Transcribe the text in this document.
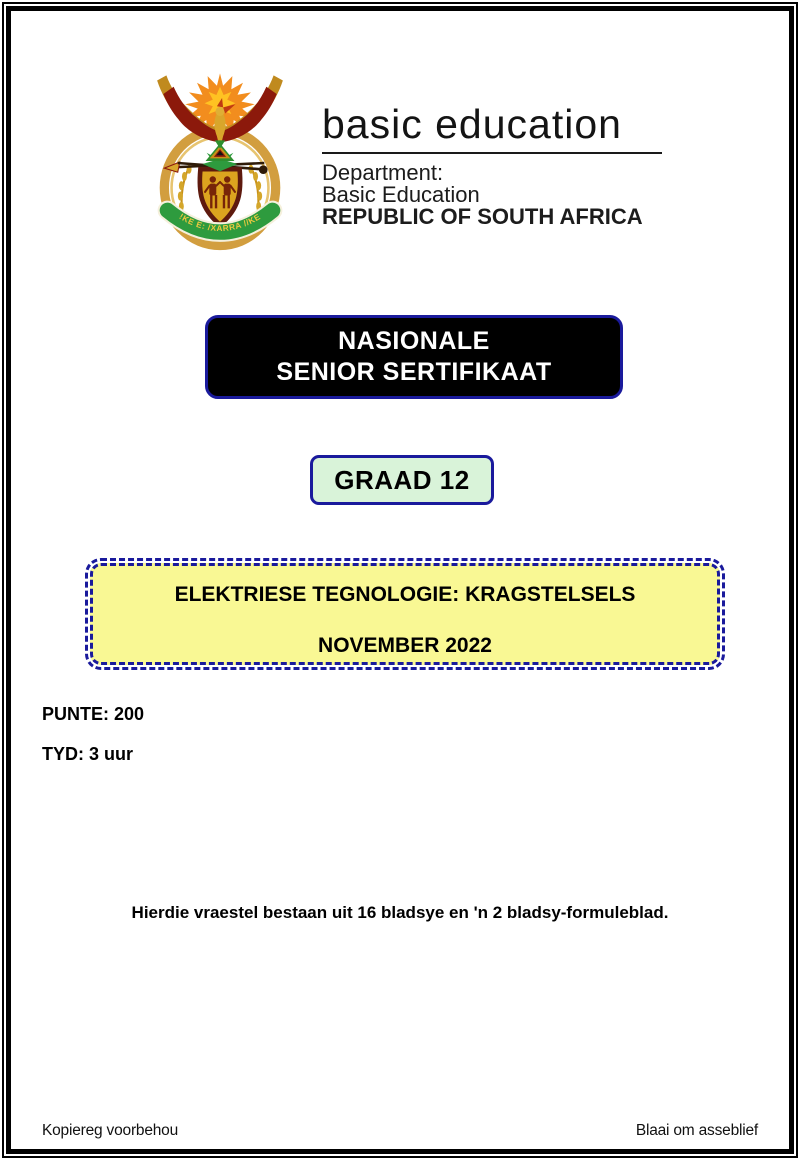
!KE E: /XARRA //KE
basic education
Department:
Basic Education
REPUBLIC OF SOUTH AFRICA
NASIONALE
SENIOR SERTIFIKAAT
GRAAD 12
ELEKTRIESE TEGNOLOGIE: KRAGSTELSELS
NOVEMBER 2022
PUNTE: 200
TYD: 3 uur
Hierdie vraestel bestaan uit 16 bladsye en 'n 2 bladsy-formuleblad.
Kopiereg voorbehou	Blaai om asseblief
